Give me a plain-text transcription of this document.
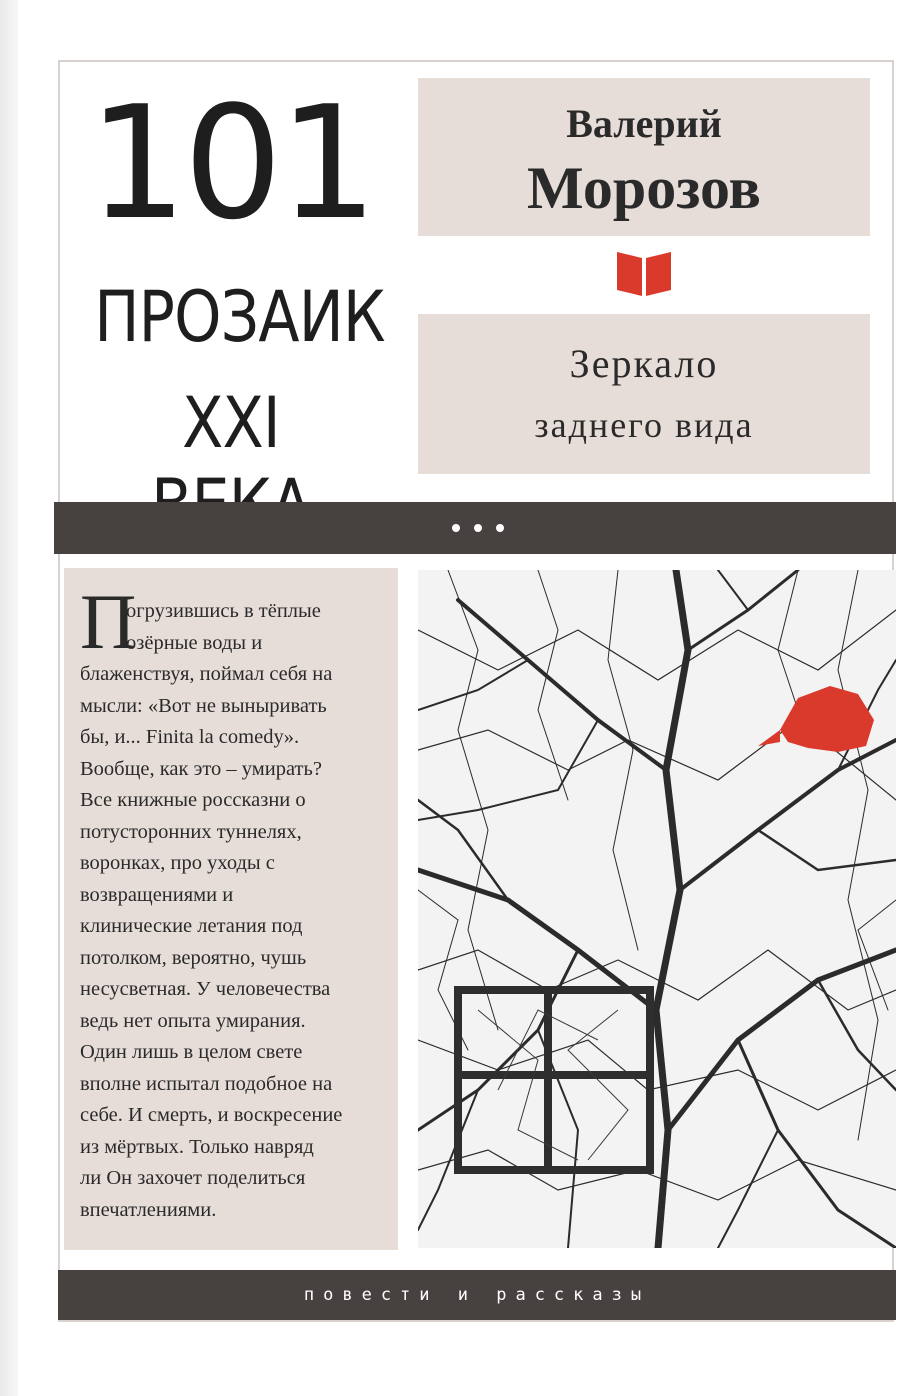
101
ПРОЗАИК
XXI
Валерий
Морозов
Зеркало
заднего вида
П
огрузившись в тёплые
озёрные воды и
блаженствуя, поймал себя на
мысли: «Вот не выныривать
бы, и... Finita la comedy».
Вообще, как это – умирать?
Все книжные россказни о
потусторонних туннелях,
воронках, про уходы с
возвращениями и
клинические летания под
потолком, вероятно, чушь
несусветная. У человечества
ведь нет опыта умирания.
Один лишь в целом свете
вполне испытал подобное на
себе. И смерть, и воскресение
из мёртвых. Только навряд
ли Он захочет поделиться
впечатлениями.
повести и рассказы
